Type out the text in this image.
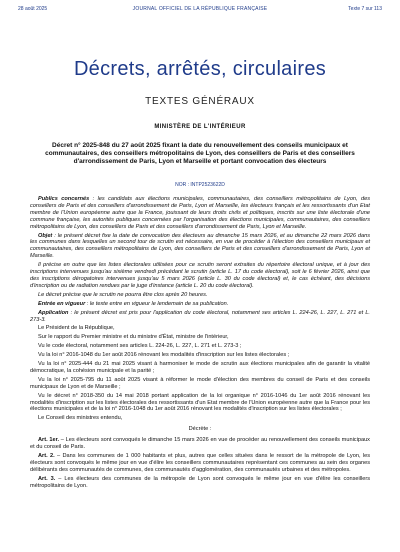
28 août 2025	JOURNAL OFFICIEL DE LA RÉPUBLIQUE FRANÇAISE	Texte 7 sur 113
Décrets, arrêtés, circulaires
TEXTES GÉNÉRAUX
MINISTÈRE DE L'INTÉRIEUR
Décret n° 2025-848 du 27 août 2025 fixant la date du renouvellement des conseils municipaux et communautaires, des conseillers métropolitains de Lyon, des conseillers de Paris et des conseillers d'arrondissement de Paris, Lyon et Marseille et portant convocation des électeurs
NOR : INTP2523622D

Publics concernés : les candidats aux élections municipales, communautaires, des conseillers métropolitains de Lyon, des conseillers de Paris et des conseillers d'arrondissement de Paris, Lyon et Marseille, les électeurs français et les ressortissants d'un Etat membre de l'Union européenne autre que la France, jouissant de leurs droits civils et politiques, inscrits sur une liste électorale d'une commune française, les autorités publiques concernées par l'organisation des élections municipales, communautaires, des conseillers métropolitains de Lyon, des conseillers de Paris et des conseillers d'arrondissement de Paris, Lyon et Marseille.

Objet : le présent décret fixe la date de convocation des électeurs au dimanche 15 mars 2026, et au dimanche 22 mars 2026 dans les communes dans lesquelles un second tour de scrutin est nécessaire, en vue de procéder à l'élection des conseillers municipaux et communautaires, des conseillers métropolitains de Lyon, des conseillers de Paris et des conseillers d'arrondissement de Paris, Lyon et Marseille.

Il précise en outre que les listes électorales utilisées pour ce scrutin seront extraites du répertoire électoral unique, et à jour des inscriptions intervenues jusqu'au sixième vendredi précédant le scrutin (article L. 17 du code électoral), soit le 6 février 2026, ainsi que des inscriptions dérogatoires intervenues jusqu'au 5 mars 2026 (article L. 30 du code électoral) et, le cas échéant, des décisions d'inscription ou de radiation rendues par le juge d'instance (article L. 20 du code électoral).

Le décret précise que le scrutin ne pourra être clos après 20 heures.

Entrée en vigueur : le texte entre en vigueur le lendemain de sa publication.

Application : le présent décret est pris pour l'application du code électoral, notamment ses articles L. 224-26, L. 227, L. 271 et L. 273-3.

Le Président de la République,

Sur le rapport du Premier ministre et du ministre d'État, ministre de l'intérieur,

Vu le code électoral, notamment ses articles L. 224-26, L. 227, L. 271 et L. 273-3 ;

Vu la loi n° 2016-1048 du 1er août 2016 rénovant les modalités d'inscription sur les listes électorales ;

Vu la loi n° 2025-444 du 21 mai 2025 visant à harmoniser le mode de scrutin aux élections municipales afin de garantir la vitalité démocratique, la cohésion municipale et la parité ;

Vu la loi n° 2025-795 du 11 août 2025 visant à réformer le mode d'élection des membres du conseil de Paris et des conseils municipaux de Lyon et de Marseille ;

Vu le décret n° 2018-350 du 14 mai 2018 portant application de la loi organique n° 2016-1046 du 1er août 2016 rénovant les modalités d'inscription sur les listes électorales des ressortissants d'un Etat membre de l'Union européenne autre que la France pour les élections municipales et de la loi n° 2016-1048 du 1er août 2016 rénovant les modalités d'inscription sur les listes électorales ;

Le Conseil des ministres entendu,

Décrète :

Art. 1er. – Les électeurs sont convoqués le dimanche 15 mars 2026 en vue de procéder au renouvellement des conseils municipaux et du conseil de Paris.

Art. 2. – Dans les communes de 1 000 habitants et plus, autres que celles situées dans le ressort de la métropole de Lyon, les électeurs sont convoqués le même jour en vue d'élire les conseillers communautaires représentant ces communes au sein des organes délibérants des communautés de communes, des communautés d'agglomération, des communautés urbaines et des métropoles.

Art. 3. – Les électeurs des communes de la métropole de Lyon sont convoqués le même jour en vue d'élire les conseillers métropolitains de Lyon.
